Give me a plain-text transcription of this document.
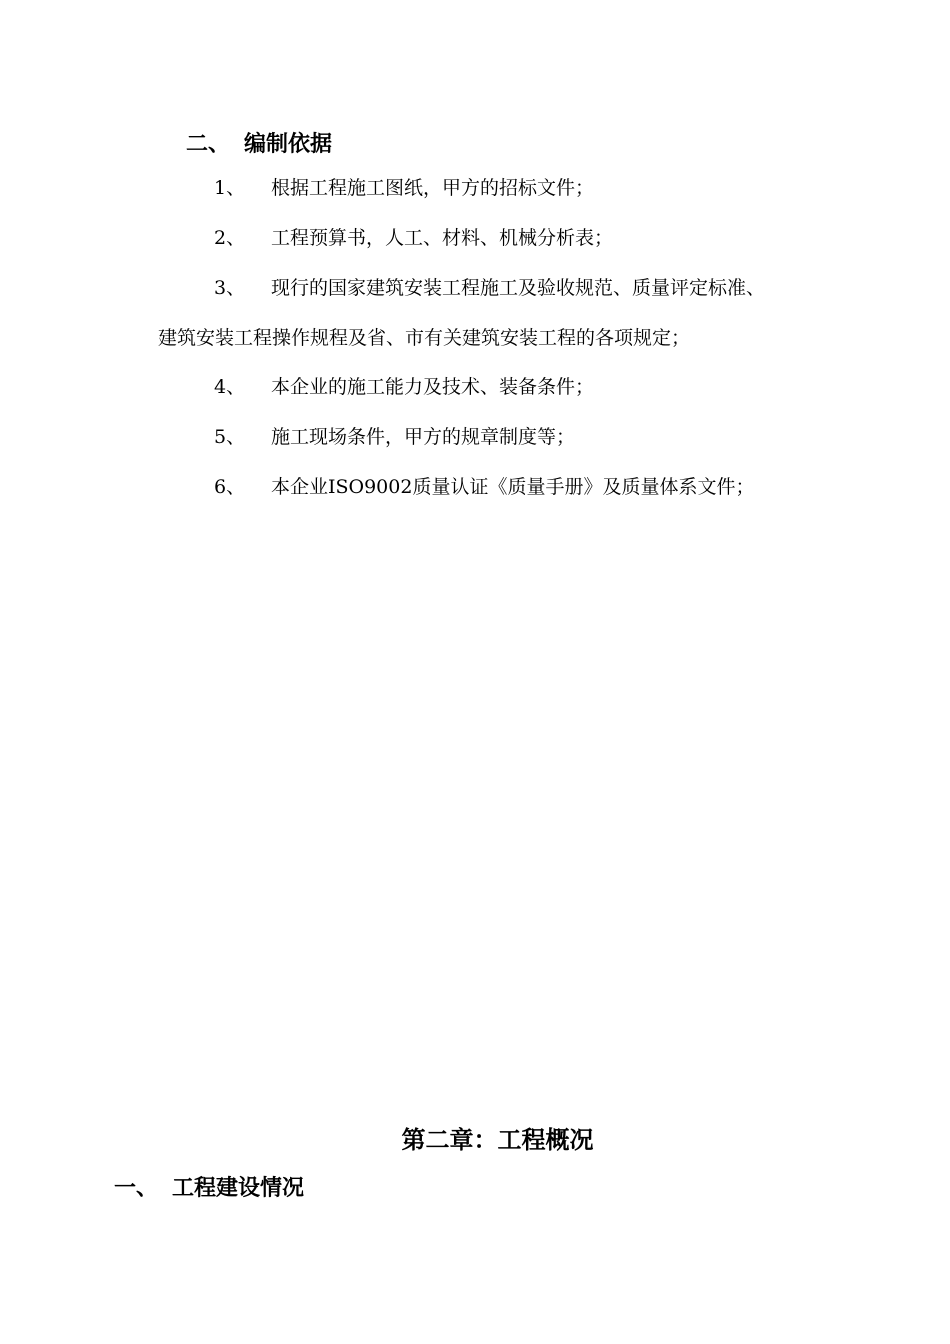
二、 编制依据
1、 根据工程施工图纸，甲方的招标文件；
2、 工程预算书，人工、材料、机械分析表；
3、 现行的国家建筑安装工程施工及验收规范、质量评定标准、
建筑安装工程操作规程及省、市有关建筑安装工程的各项规定；
4、 本企业的施工能力及技术、装备条件；
5、 施工现场条件，甲方的规章制度等；
6、 本企业ISO9002质量认证《质量手册》及质量体系文件；
第二章：工程概况
一、 工程建设情况
